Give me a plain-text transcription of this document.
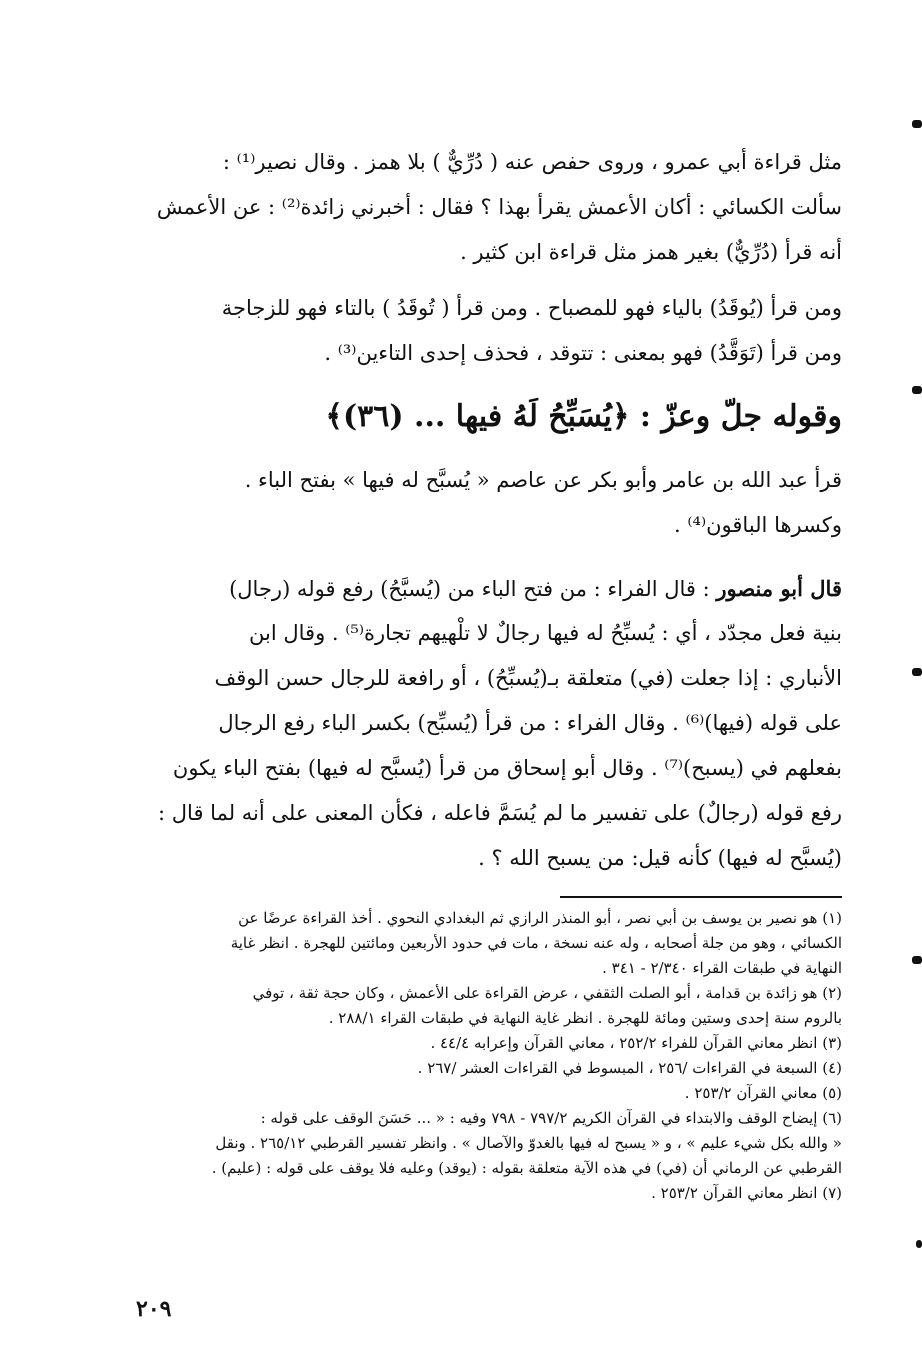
مثل قراءة أبي عمرو ، وروى حفص عنه ( دُرِّيٌّ ) بلا همز . وقال نصير⁽¹⁾ :
سألت الكسائي : أكان الأعمش يقرأ بهذا ؟ فقال : أخبرني زائدة⁽²⁾ : عن الأعمش
أنه قرأ (دُرِّيٌّ) بغير همز مثل قراءة ابن كثير .
ومن قرأ (يُوقَدُ) بالياء فهو للمصباح . ومن قرأ ( تُوقَدُ ) بالتاء فهو للزجاجة
ومن قرأ (تَوَقَّدُ) فهو بمعنى : تتوقد ، فحذف إحدى التاءين⁽³⁾ .
وقوله جلّ وعزّ : ﴿يُسَبِّحُ لَهُ فيها ... (٣٦)﴾
قرأ عبد الله بن عامر وأبو بكر عن عاصم « يُسبَّح له فيها » بفتح الباء .
وكسرها الباقون⁽⁴⁾ .
قال أبو منصور : قال الفراء : من فتح الباء من (يُسبَّحُ) رفع قوله (رجال)
بنية فعل مجدّد ، أي : يُسبِّحُ له فيها رجالٌ لا تلْهيهم تجارة⁽⁵⁾ . وقال ابن
الأنباري : إذا جعلت (في) متعلقة بـ(يُسبِّحُ) ، أو رافعة للرجال حسن الوقف
على قوله (فيها)⁽⁶⁾ . وقال الفراء : من قرأ (يُسبِّح) بكسر الباء رفع الرجال
بفعلهم في (يسبح)⁽⁷⁾ . وقال أبو إسحاق من قرأ (يُسبَّح له فيها) بفتح الباء يكون
رفع قوله (رجالٌ) على تفسير ما لم يُسَمَّ فاعله ، فكأن المعنى على أنه لما قال :
(يُسبَّح له فيها) كأنه قيل: من يسبح الله ؟ .
(١) هو نصير بن يوسف بن أبي نصر ، أبو المنذر الرازي ثم البغدادي النحوي . أخذ القراءة عرضًا عن
الكسائي ، وهو من جلة أصحابه ، وله عنه نسخة ، مات في حدود الأربعين ومائتين للهجرة . انظر غاية
النهاية في طبقات القراء ٢/٣٤٠ - ٣٤١ .
(٢) هو زائدة بن قدامة ، أبو الصلت الثقفي ، عرض القراءة على الأعمش ، وكان حجة ثقة ، توفي
بالروم سنة إحدى وستين ومائة للهجرة . انظر غاية النهاية في طبقات القراء ٢٨٨/١ .
(٣) انظر معاني القرآن للفراء ٢٥٢/٢ ، معاني القرآن وإعرابه ٤٤/٤ .
(٤) السبعة في القراءات /٢٥٦ ، المبسوط في القراءات العشر /٢٦٧ .
(٥) معاني القرآن ٢٥٣/٢ .
(٦) إيضاح الوقف والابتداء في القرآن الكريم ٧٩٧/٢ - ٧٩٨ وفيه : « ... حَسَنَ الوقف على قوله :
« والله بكل شيء عليم » ، و « يسبح له فيها بالغدوّ والآصال » . وانظر تفسير القرطبي ٢٦٥/١٢ . ونقل
القرطبي عن الرماني أن (في) في هذه الآية متعلقة بقوله : (يوقد) وعليه فلا يوقف على قوله : (عليم) .
(٧) انظر معاني القرآن ٢٥٣/٢ .
٢٠٩
